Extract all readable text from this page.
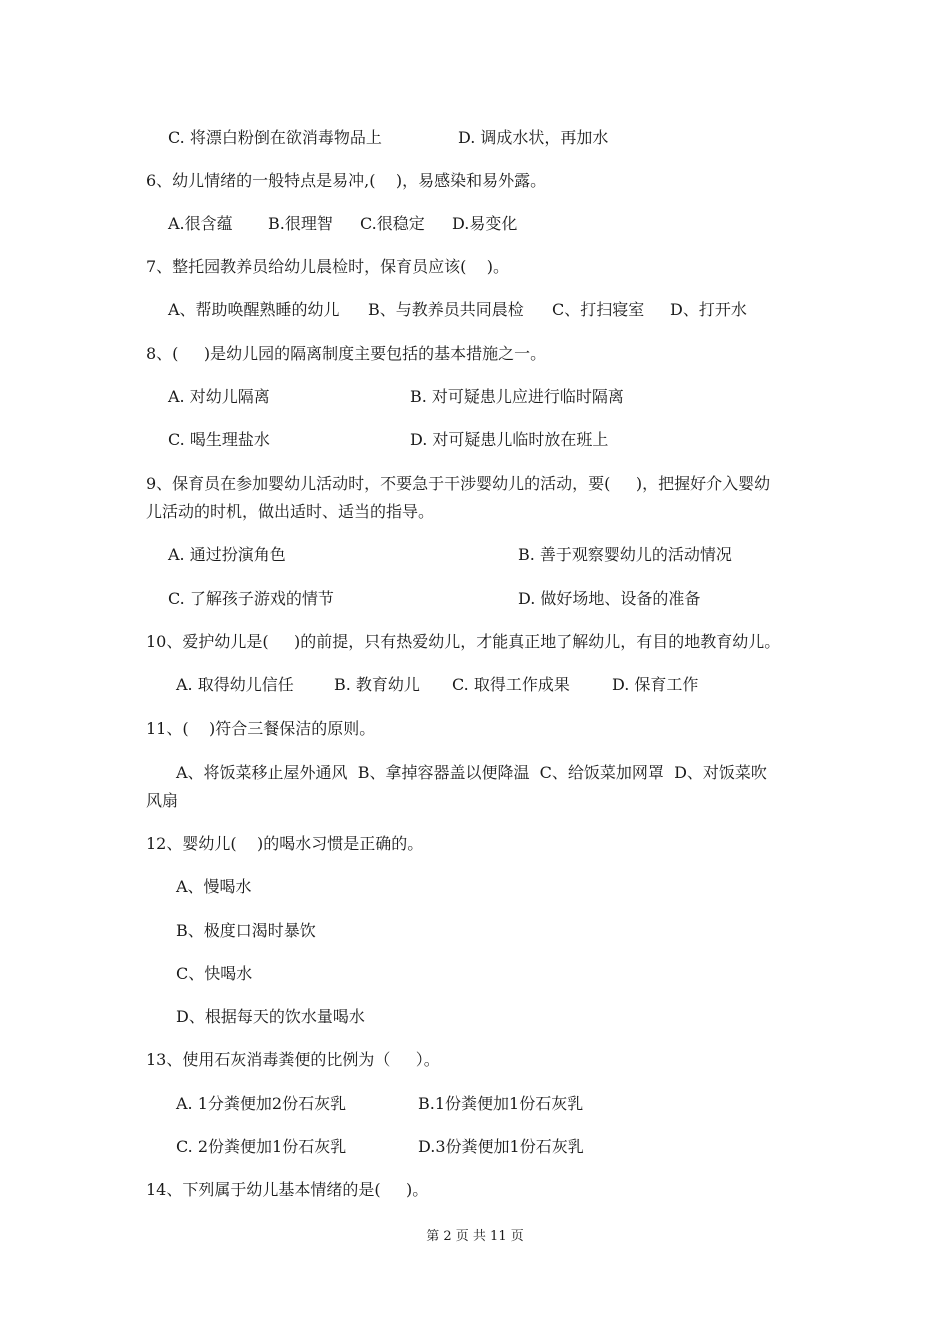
C. 将漂白粉倒在欲消毒物品上	D. 调成水状，再加水
6、幼儿情绪的一般特点是易冲,(    )，易感染和易外露。
A.很含蕴 B.很理智 C.很稳定 D.易变化
7、整托园教养员给幼儿晨检时，保育员应该(    )。
A、帮助唤醒熟睡的幼儿 B、与教养员共同晨检 C、打扫寝室 D、打开水
8、(     )是幼儿园的隔离制度主要包括的基本措施之一。
A. 对幼儿隔离	B. 对可疑患儿应进行临时隔离
C. 喝生理盐水	D. 对可疑患儿临时放在班上
9、保育员在参加婴幼儿活动时，不要急于干涉婴幼儿的活动，要(     )，把握好介入婴幼
儿活动的时机，做出适时、适当的指导。
A. 通过扮演角色	B. 善于观察婴幼儿的活动情况
C. 了解孩子游戏的情节	D. 做好场地、设备的准备
10、爱护幼儿是(     )的前提，只有热爱幼儿，才能真正地了解幼儿，有目的地教育幼儿。
A. 取得幼儿信任	B. 教育幼儿 C. 取得工作成果	D. 保育工作
11、(    )符合三餐保洁的原则。
A、将饭菜移止屋外通风  B、拿掉容器盖以便降温  C、给饭菜加网罩  D、对饭菜吹
风扇
12、婴幼儿(    )的喝水习惯是正确的。
A、慢喝水
B、极度口渴时暴饮
C、快喝水
D、根据每天的饮水量喝水
13、使用石灰消毒粪便的比例为（     ）。
A. 1分粪便加2份石灰乳	B.1份粪便加1份石灰乳
C. 2份粪便加1份石灰乳	D.3份粪便加1份石灰乳
14、下列属于幼儿基本情绪的是(     )。
第 2 页 共 11 页
